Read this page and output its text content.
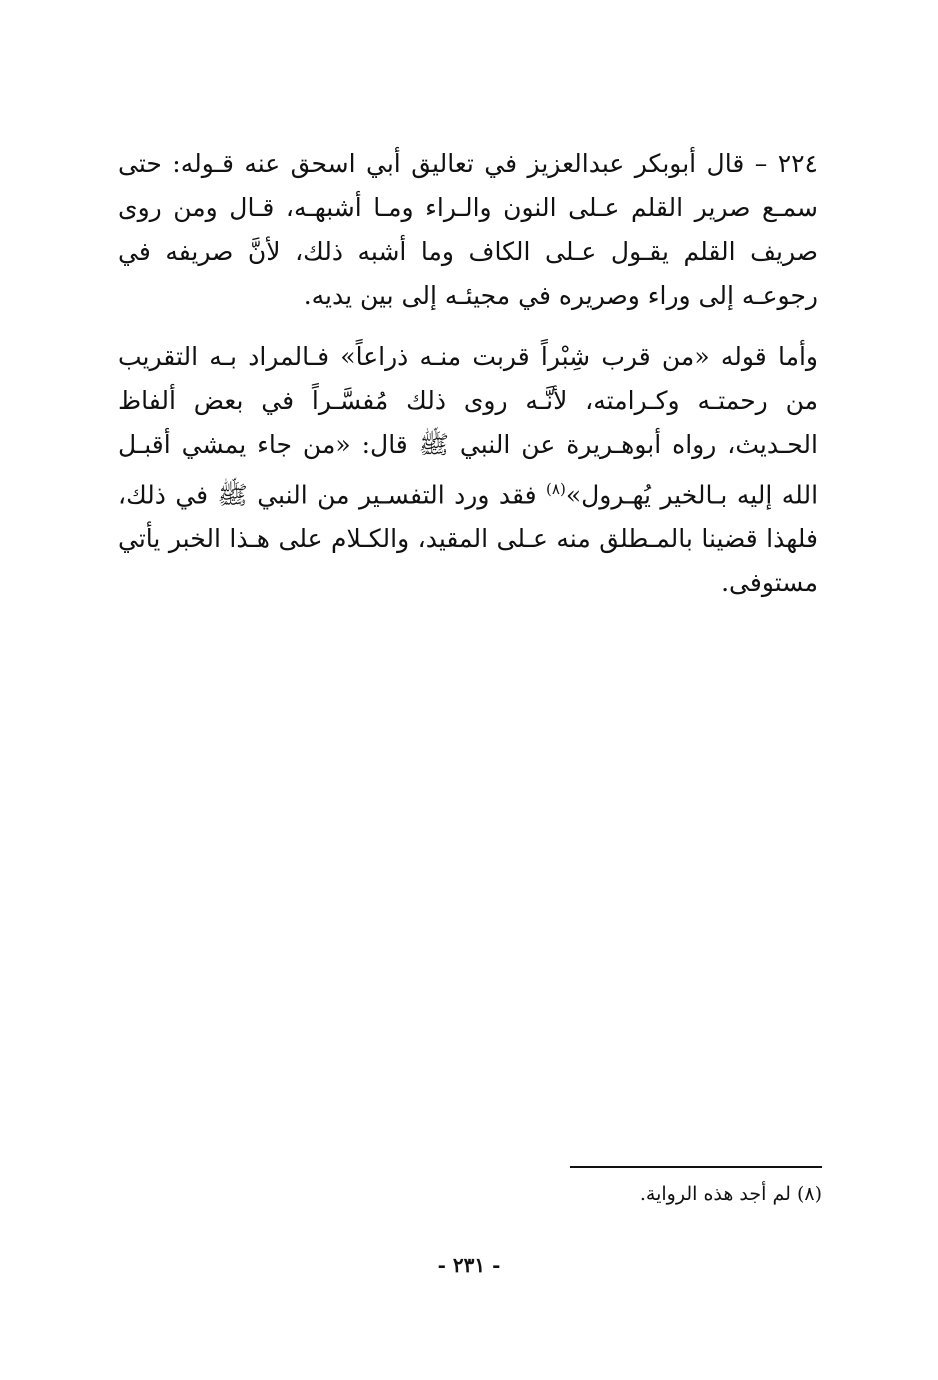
٢٢٤ – قال أبوبكر عبدالعزيز في تعاليق أبي اسحق عنه قـوله: حتى سمـع صرير القلم عـلى النون والـراء ومـا أشبهـه، قـال ومن روى صريف القلم يقـول عـلى الكاف وما أشبه ذلك، لأنَّ صريفه في رجوعـه إلى وراء وصريره في مجيئـه إلى بين يديه.

وأما قوله «من قرب شِبْراً قربت منـه ذراعاً» فـالمراد بـه التقريب من رحمتـه وكـرامته، لأنَّـه روى ذلك مُفسَّـراً في بعض ألفاظ الحـديث، رواه أبوهـريرة عن النبي ﷺ قال: «من جاء يمشي أقبـل الله إليه بـالخير يُهـرول»$^{(٨)}$ فقد ورد التفسـير من النبي ﷺ في ذلك، فلهذا قضينا بالمـطلق منه عـلى المقيد، والكـلام على هـذا الخبر يأتي مستوفى.

(٨) لم أجد هذه الرواية.
- ٢٣١ -
